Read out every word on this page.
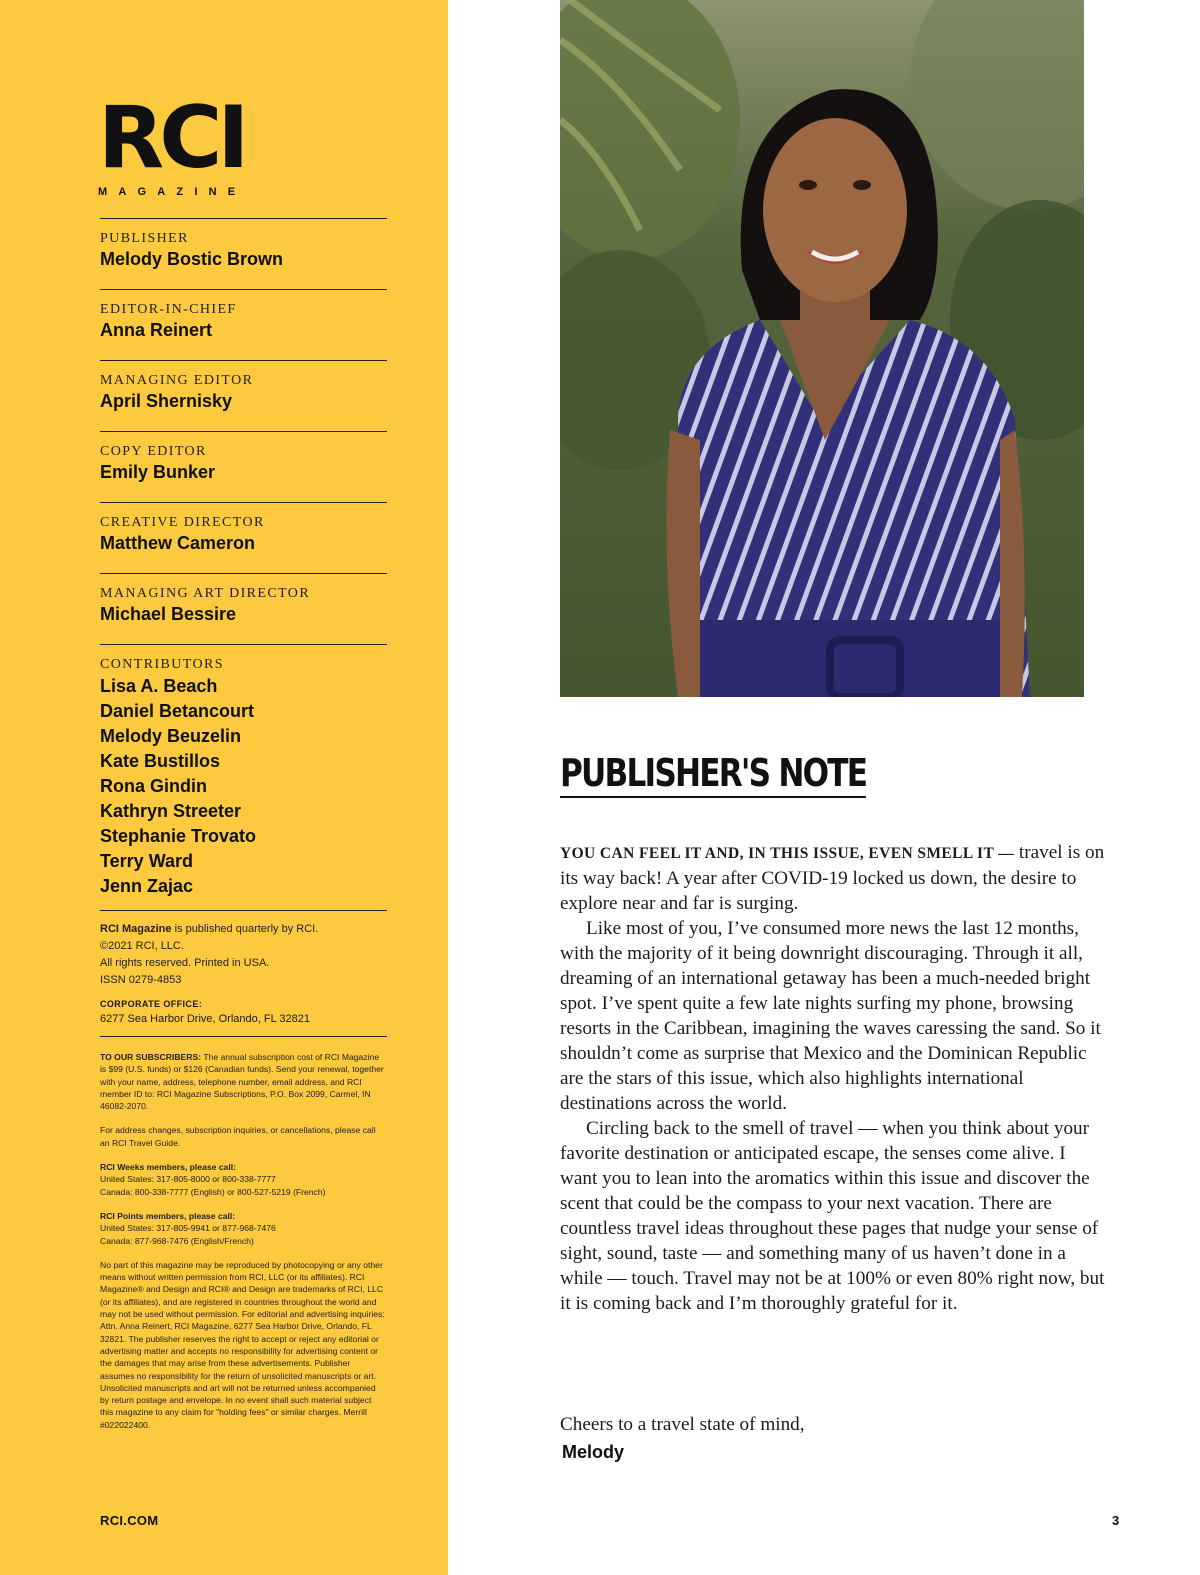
RCI
MAGAZINE
PUBLISHER
Melody Bostic Brown
EDITOR-IN-CHIEF
Anna Reinert
MANAGING EDITOR
April Shernisky
COPY EDITOR
Emily Bunker
CREATIVE DIRECTOR
Matthew Cameron
MANAGING ART DIRECTOR
Michael Bessire
CONTRIBUTORS
Lisa A. Beach
Daniel Betancourt
Melody Beuzelin
Kate Bustillos
Rona Gindin
Kathryn Streeter
Stephanie Trovato
Terry Ward
Jenn Zajac
RCI Magazine is published quarterly by RCI.
©2021 RCI, LLC.
All rights reserved. Printed in USA.
ISSN 0279-4853
CORPORATE OFFICE:
6277 Sea Harbor Drive, Orlando, FL 32821

TO OUR SUBSCRIBERS: The annual subscription cost of RCI Magazine is $99 (U.S. funds) or $126 (Canadian funds). Send your renewal, together with your name, address, telephone number, email address, and RCI member ID to: RCI Magazine Subscriptions, P.O. Box 2099, Carmel, IN 46082-2070.

For address changes, subscription inquiries, or cancellations, please call an RCI Travel Guide.

RCI Weeks members, please call:
United States: 317-805-8000 or 800-338-7777
Canada: 800-338-7777 (English) or 800-527-5219 (French)

RCI Points members, please call:
United States: 317-805-9941 or 877-968-7476
Canada: 877-968-7476 (English/French)

No part of this magazine may be reproduced by photocopying or any other means without written permission from RCI, LLC (or its affiliates). RCI Magazine® and Design and RCI® and Design are trademarks of RCI, LLC (or its affiliates), and are registered in countries throughout the world and may not be used without permission. For editorial and advertising inquiries: Attn. Anna Reinert, RCI Magazine, 6277 Sea Harbor Drive, Orlando, FL 32821. The publisher reserves the right to accept or reject any editorial or advertising matter and accepts no responsibility for advertising content or the damages that may arise from these advertisements. Publisher assumes no responsibility for the return of unsolicited manuscripts or art. Unsolicited manuscripts and art will not be returned unless accompanied by return postage and envelope. In no event shall such material subject this magazine to any claim for "holding fees" or similar charges. Merrill #022022400.

RCI.COM
PUBLISHER'S NOTE

YOU CAN FEEL IT AND, IN THIS ISSUE, EVEN SMELL IT — travel is on its way back! A year after COVID-19 locked us down, the desire to explore near and far is surging.

Like most of you, I’ve consumed more news the last 12 months, with the majority of it being downright discouraging. Through it all, dreaming of an international getaway has been a much-needed bright spot. I’ve spent quite a few late nights surfing my phone, browsing resorts in the Caribbean, imagining the waves caressing the sand. So it shouldn’t come as surprise that Mexico and the Dominican Republic are the stars of this issue, which also highlights international destinations across the world.

Circling back to the smell of travel — when you think about your favorite destination or anticipated escape, the senses come alive. I want you to lean into the aromatics within this issue and discover the scent that could be the compass to your next vacation. There are countless travel ideas throughout these pages that nudge your sense of sight, sound, taste — and something many of us haven’t done in a while — touch. Travel may not be at 100% or even 80% right now, but it is coming back and I’m thoroughly grateful for it.

Cheers to a travel state of mind,
Melody
3
